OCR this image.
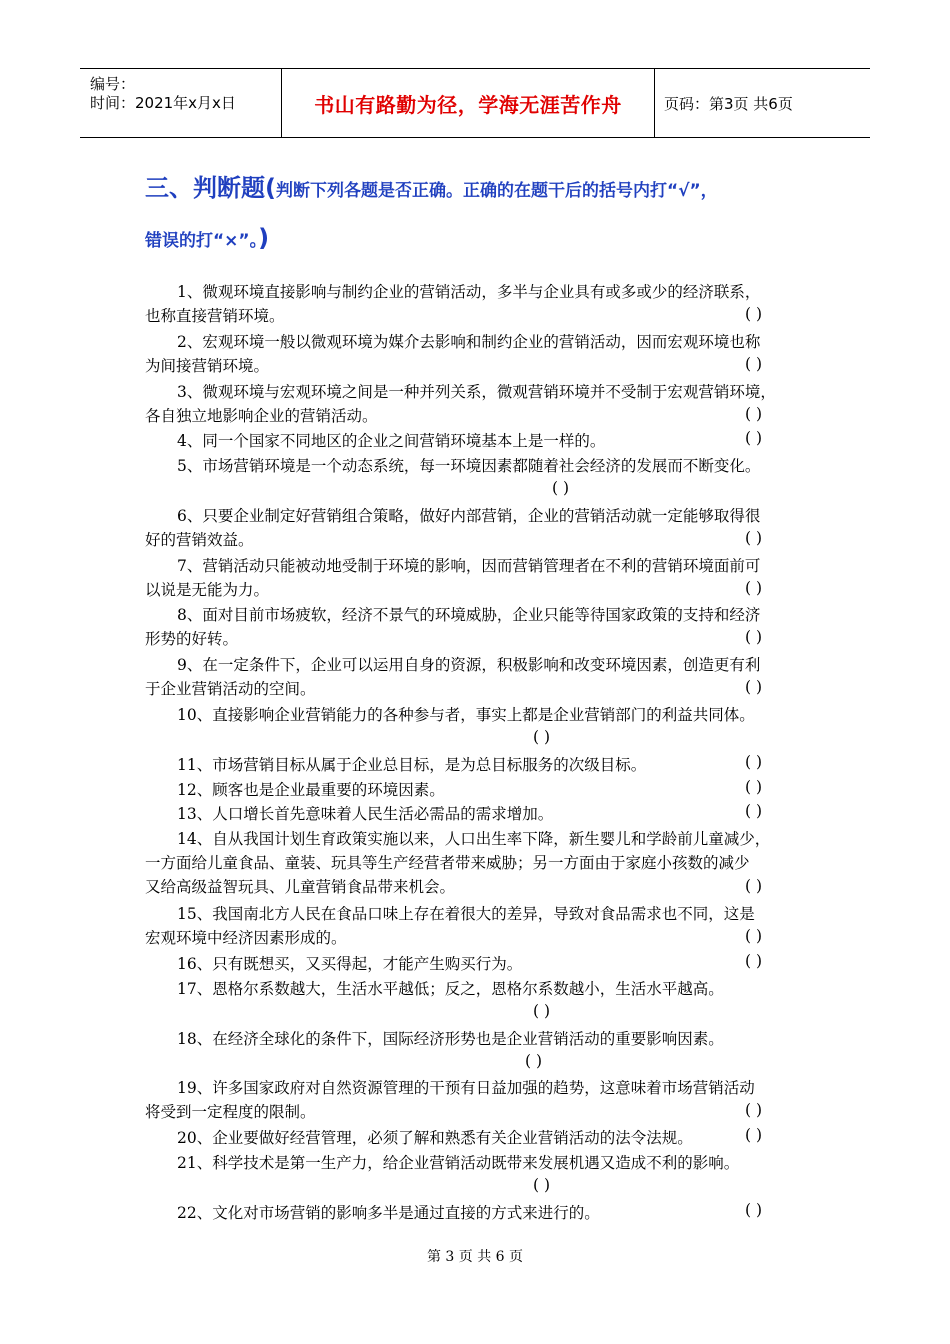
编号：
时间：2021年x月x日	书山有路勤为径，学海无涯苦作舟	页码：第3页 共6页
三、判断题(判断下列各题是否正确。正确的在题干后的括号内打“√”，
错误的打“×”。)
1、微观环境直接影响与制约企业的营销活动，多半与企业具有或多或少的经济联系，
也称直接营销环境。	( )
2、宏观环境一般以微观环境为媒介去影响和制约企业的营销活动，因而宏观环境也称
为间接营销环境。	( )
3、微观环境与宏观环境之间是一种并列关系，微观营销环境并不受制于宏观营销环境，
各自独立地影响企业的营销活动。	( )
4、同一个国家不同地区的企业之间营销环境基本上是一样的。	( )
5、市场营销环境是一个动态系统，每一环境因素都随着社会经济的发展而不断变化。
( )
6、只要企业制定好营销组合策略，做好内部营销，企业的营销活动就一定能够取得很
好的营销效益。	( )
7、营销活动只能被动地受制于环境的影响，因而营销管理者在不利的营销环境面前可
以说是无能为力。	( )
8、面对目前市场疲软，经济不景气的环境威胁，企业只能等待国家政策的支持和经济
形势的好转。	( )
9、在一定条件下，企业可以运用自身的资源，积极影响和改变环境因素，创造更有利
于企业营销活动的空间。	( )
10、直接影响企业营销能力的各种参与者，事实上都是企业营销部门的利益共同体。
( )
11、市场营销目标从属于企业总目标，是为总目标服务的次级目标。	( )
12、顾客也是企业最重要的环境因素。	( )
13、人口增长首先意味着人民生活必需品的需求增加。	( )
14、自从我国计划生育政策实施以来，人口出生率下降，新生婴儿和学龄前儿童减少，
一方面给儿童食品、童装、玩具等生产经营者带来威胁；另一方面由于家庭小孩数的减少
又给高级益智玩具、儿童营销食品带来机会。	( )
15、我国南北方人民在食品口味上存在着很大的差异，导致对食品需求也不同，这是
宏观环境中经济因素形成的。	( )
16、只有既想买，又买得起，才能产生购买行为。	( )
17、恩格尔系数越大，生活水平越低；反之，恩格尔系数越小，生活水平越高。
( )
18、在经济全球化的条件下，国际经济形势也是企业营销活动的重要影响因素。
( )
19、许多国家政府对自然资源管理的干预有日益加强的趋势，这意味着市场营销活动
将受到一定程度的限制。	( )
20、企业要做好经营管理，必须了解和熟悉有关企业营销活动的法令法规。	( )
21、科学技术是第一生产力，给企业营销活动既带来发展机遇又造成不利的影响。
( )
22、文化对市场营销的影响多半是通过直接的方式来进行的。	( )
第 3 页 共 6 页
